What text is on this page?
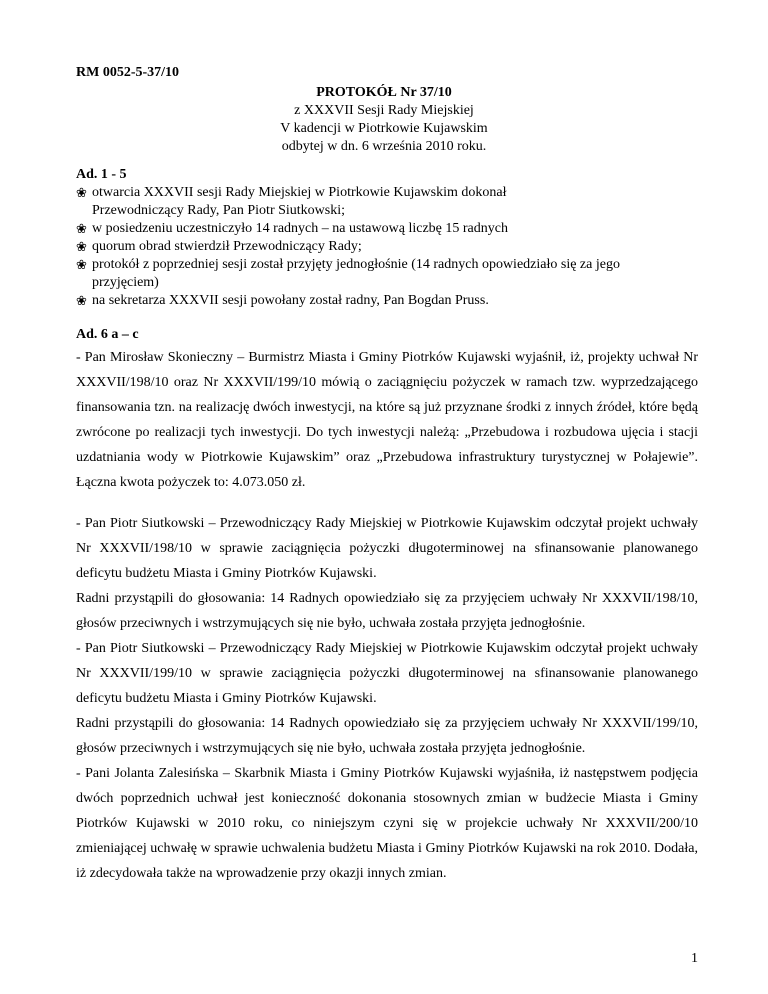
RM 0052-5-37/10
PROTOKÓŁ Nr 37/10
z XXXVII Sesji Rady Miejskiej
V kadencji w Piotrkowie Kujawskim
odbytej w dn. 6 września 2010 roku.
Ad. 1 - 5
❀ otwarcia XXXVII sesji Rady Miejskiej w Piotrkowie Kujawskim dokonał
Przewodniczący Rady, Pan Piotr Siutkowski;
❀ w posiedzeniu uczestniczyło 14 radnych – na ustawową liczbę 15 radnych
❀ quorum obrad stwierdził Przewodniczący Rady;
❀ protokół z poprzedniej sesji został przyjęty jednogłośnie (14 radnych opowiedziało się za jego
przyjęciem)
❀ na sekretarza XXXVII sesji powołany został radny, Pan Bogdan Pruss.
Ad. 6 a – c

- Pan Mirosław Skonieczny – Burmistrz Miasta i Gminy Piotrków Kujawski wyjaśnił, iż, projekty uchwał Nr XXXVII/198/10 oraz Nr XXXVII/199/10 mówią o zaciągnięciu pożyczek w ramach tzw. wyprzedzającego finansowania tzn. na realizację dwóch inwestycji, na które są już przyznane środki z innych źródeł, które będą zwrócone po realizacji tych inwestycji. Do tych inwestycji należą: „Przebudowa i rozbudowa ujęcia i stacji uzdatniania wody w Piotrkowie Kujawskim” oraz „Przebudowa infrastruktury turystycznej w Połajewie”. Łączna kwota pożyczek to: 4.073.050 zł.

- Pan Piotr Siutkowski – Przewodniczący Rady Miejskiej w Piotrkowie Kujawskim odczytał projekt uchwały Nr XXXVII/198/10 w sprawie zaciągnięcia pożyczki długoterminowej na sfinansowanie planowanego deficytu budżetu Miasta i Gminy Piotrków Kujawski.

Radni przystąpili do głosowania: 14 Radnych opowiedziało się za przyjęciem uchwały Nr XXXVII/198/10, głosów przeciwnych i wstrzymujących się nie było, uchwała została przyjęta jednogłośnie.

- Pan Piotr Siutkowski – Przewodniczący Rady Miejskiej w Piotrkowie Kujawskim odczytał projekt uchwały Nr XXXVII/199/10 w sprawie zaciągnięcia pożyczki długoterminowej na sfinansowanie planowanego deficytu budżetu Miasta i Gminy Piotrków Kujawski.

Radni przystąpili do głosowania: 14 Radnych opowiedziało się za przyjęciem uchwały Nr XXXVII/199/10, głosów przeciwnych i wstrzymujących się nie było, uchwała została przyjęta jednogłośnie.

- Pani Jolanta Zalesińska – Skarbnik Miasta i Gminy Piotrków Kujawski wyjaśniła, iż następstwem podjęcia dwóch poprzednich uchwał jest konieczność dokonania stosownych zmian w budżecie Miasta i Gminy Piotrków Kujawski w 2010 roku, co niniejszym czyni się w projekcie uchwały Nr XXXVII/200/10 zmieniającej uchwałę w sprawie uchwalenia budżetu Miasta i Gminy Piotrków Kujawski na rok 2010. Dodała, iż zdecydowała także na wprowadzenie przy okazji innych zmian.

1
